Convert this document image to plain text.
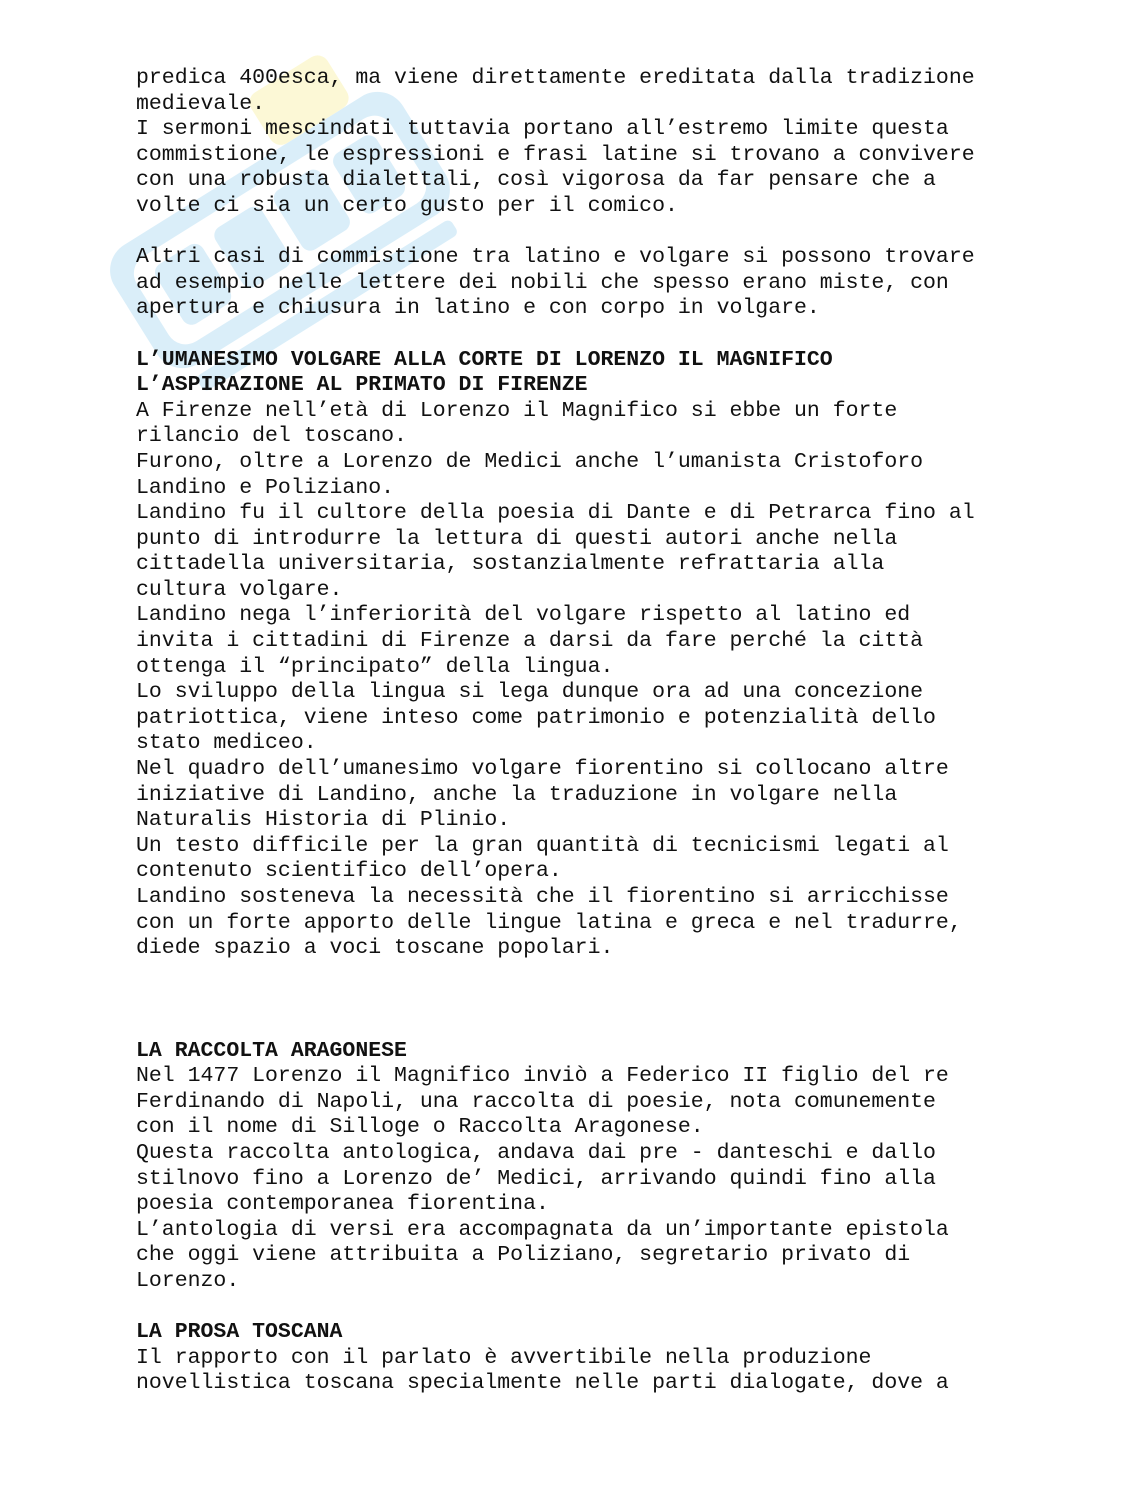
predica 400esca, ma viene direttamente ereditata dalla tradizione

medievale.

I sermoni mescindati tuttavia portano all’estremo limite questa

commistione, le espressioni e frasi latine si trovano a convivere

con una robusta dialettali, così vigorosa da far pensare che a

volte ci sia un certo gusto per il comico.

Altri casi di commistione tra latino e volgare si possono trovare

ad esempio nelle lettere dei nobili che spesso erano miste, con

apertura e chiusura in latino e con corpo in volgare.

L’UMANESIMO VOLGARE ALLA CORTE DI LORENZO IL MAGNIFICO

L’ASPIRAZIONE AL PRIMATO DI FIRENZE

A Firenze nell’età di Lorenzo il Magnifico si ebbe un forte

rilancio del toscano.

Furono, oltre a Lorenzo de Medici anche l’umanista Cristoforo

Landino e Poliziano.

Landino fu il cultore della poesia di Dante e di Petrarca fino al

punto di introdurre la lettura di questi autori anche nella

cittadella universitaria, sostanzialmente refrattaria alla

cultura volgare.

Landino nega l’inferiorità del volgare rispetto al latino ed

invita i cittadini di Firenze a darsi da fare perché la città

ottenga il “principato” della lingua.

Lo sviluppo della lingua si lega dunque ora ad una concezione

patriottica, viene inteso come patrimonio e potenzialità dello

stato mediceo.

Nel quadro dell’umanesimo volgare fiorentino si collocano altre

iniziative di Landino, anche la traduzione in volgare nella

Naturalis Historia di Plinio.

Un testo difficile per la gran quantità di tecnicismi legati al

contenuto scientifico dell’opera.

Landino sosteneva la necessità che il fiorentino si arricchisse

con un forte apporto delle lingue latina e greca e nel tradurre,

diede spazio a voci toscane popolari.

LA RACCOLTA ARAGONESE

Nel 1477 Lorenzo il Magnifico inviò a Federico II figlio del re

Ferdinando di Napoli, una raccolta di poesie, nota comunemente

con il nome di Silloge o Raccolta Aragonese.

Questa raccolta antologica, andava dai pre - danteschi e dallo

stilnovo fino a Lorenzo de’ Medici, arrivando quindi fino alla

poesia contemporanea fiorentina.

L’antologia di versi era accompagnata da un’importante epistola

che oggi viene attribuita a Poliziano, segretario privato di

Lorenzo.

LA PROSA TOSCANA

Il rapporto con il parlato è avvertibile nella produzione

novellistica toscana specialmente nelle parti dialogate, dove a
